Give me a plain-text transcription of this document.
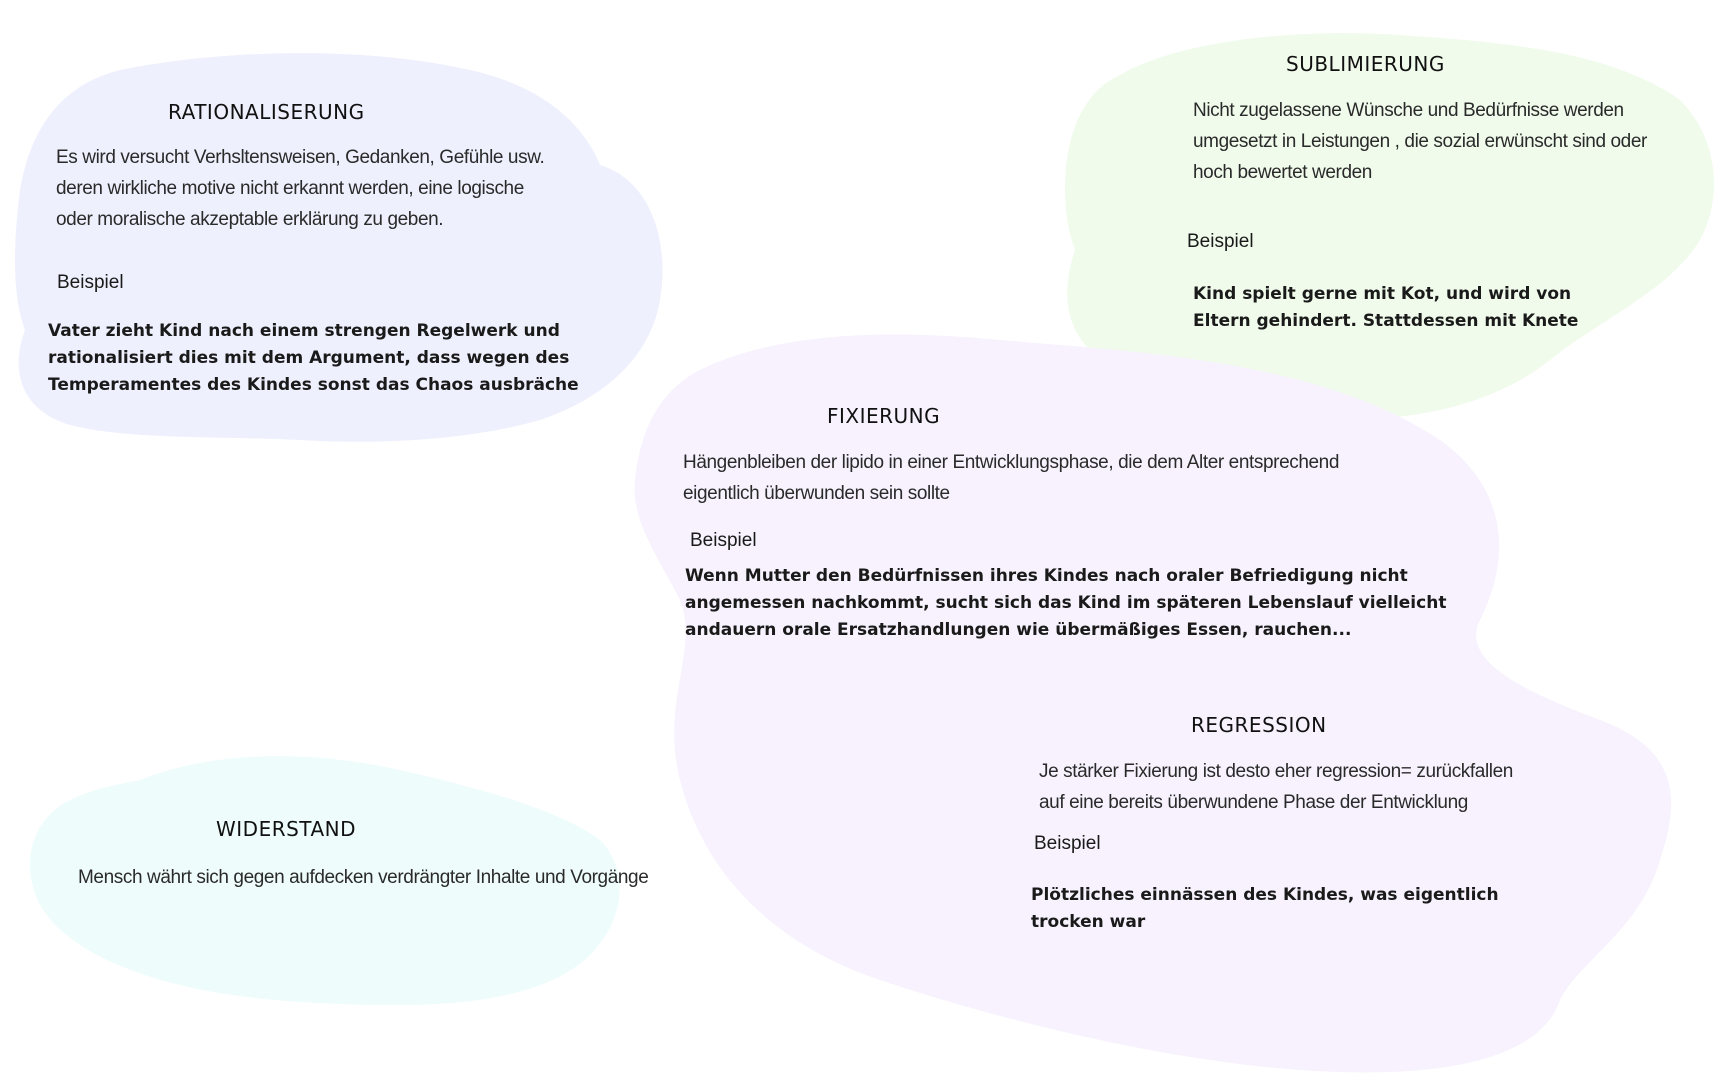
RATIONALISERUNG
Es wird versucht Verhsltensweisen, Gedanken, Gefühle usw. deren wirkliche motive nicht erkannt werden, eine logische oder moralische akzeptable erklärung zu geben.
Beispiel
Vater zieht Kind nach einem strengen Regelwerk und rationalisiert dies mit dem Argument, dass wegen des Temperamentes des Kindes sonst das Chaos ausbräche
SUBLIMIERUNG
Nicht zugelassene Wünsche und Bedürfnisse werden umgesetzt in Leistungen , die sozial erwünscht sind oder hoch bewertet werden
Beispiel
Kind spielt gerne mit Kot, und wird von Eltern gehindert. Stattdessen mit Knete
FIXIERUNG
Hängenbleiben der lipido in einer Entwicklungsphase, die dem Alter entsprechend eigentlich überwunden sein sollte
Beispiel
Wenn Mutter den Bedürfnissen ihres Kindes nach oraler Befriedigung nicht angemessen nachkommt, sucht sich das Kind im späteren Lebenslauf vielleicht andauern orale Ersatzhandlungen wie übermäßiges Essen, rauchen...
REGRESSION
Je stärker Fixierung ist desto eher regression= zurückfallen auf eine bereits überwundene Phase der Entwicklung
Beispiel
Plötzliches einnässen des Kindes, was eigentlich trocken war
WIDERSTAND
Mensch währt sich gegen aufdecken verdrängter Inhalte und Vorgänge
